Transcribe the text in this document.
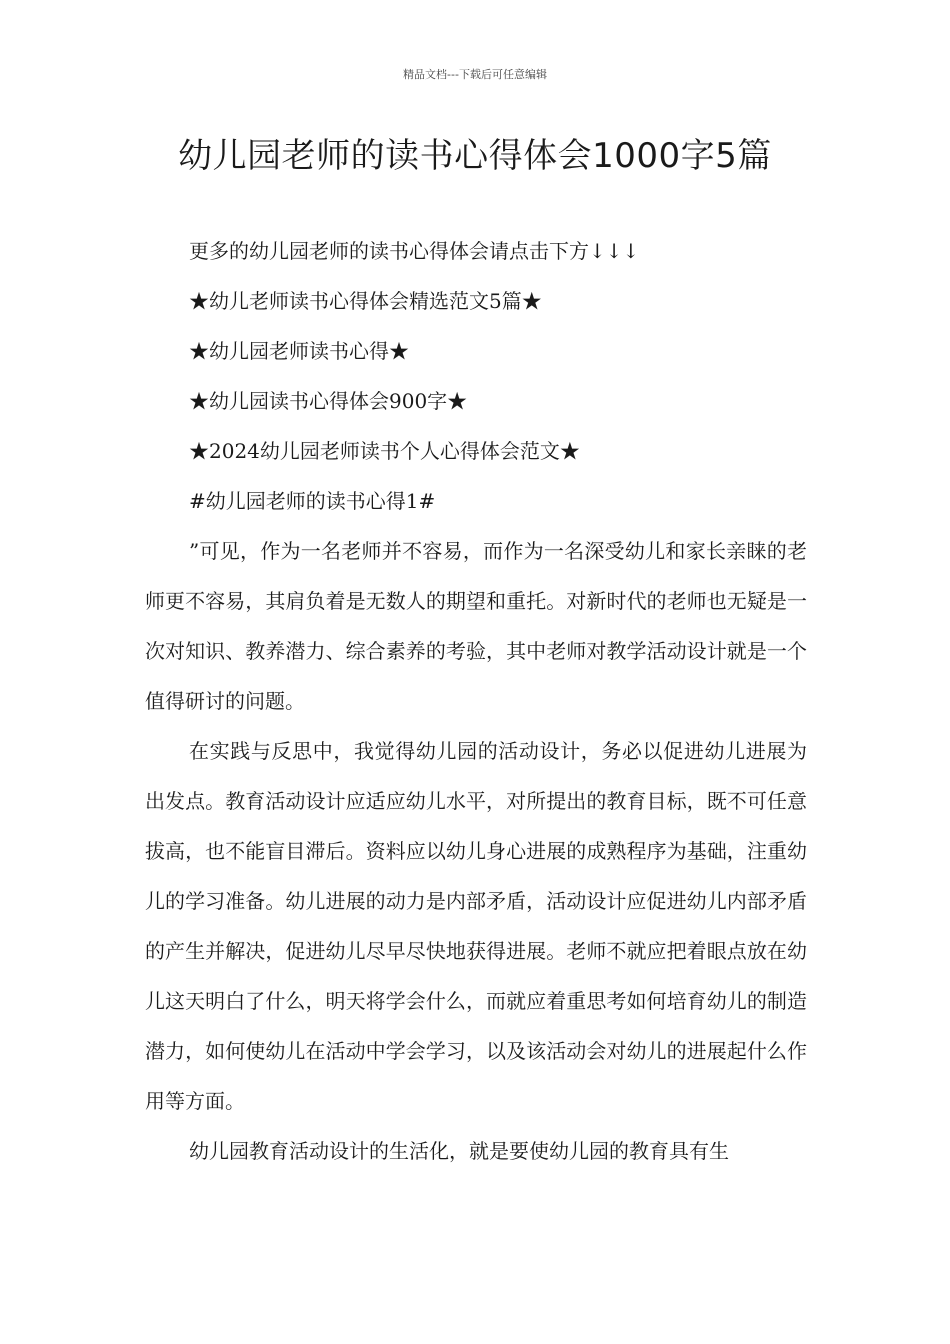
精品文档---下载后可任意编辑
幼儿园老师的读书心得体会1000字5篇

更多的幼儿园老师的读书心得体会请点击下方↓↓↓

★幼儿老师读书心得体会精选范文5篇★

★幼儿园老师读书心得★

★幼儿园读书心得体会900字★

★2024幼儿园老师读书个人心得体会范文★

#幼儿园老师的读书心得1#

”可见，作为一名老师并不容易，而作为一名深受幼儿和家长亲睐的老师更不容易，其肩负着是无数人的期望和重托。对新时代的老师也无疑是一次对知识、教养潜力、综合素养的考验，其中老师对教学活动设计就是一个值得研讨的问题。

在实践与反思中，我觉得幼儿园的活动设计，务必以促进幼儿进展为出发点。教育活动设计应适应幼儿水平，对所提出的教育目标，既不可任意拔高，也不能盲目滞后。资料应以幼儿身心进展的成熟程序为基础，注重幼儿的学习准备。幼儿进展的动力是内部矛盾，活动设计应促进幼儿内部矛盾的产生并解决，促进幼儿尽早尽快地获得进展。老师不就应把着眼点放在幼儿这天明白了什么，明天将学会什么，而就应着重思考如何培育幼儿的制造潜力，如何使幼儿在活动中学会学习，以及该活动会对幼儿的进展起什么作用等方面。

幼儿园教育活动设计的生活化，就是要使幼儿园的教育具有生
